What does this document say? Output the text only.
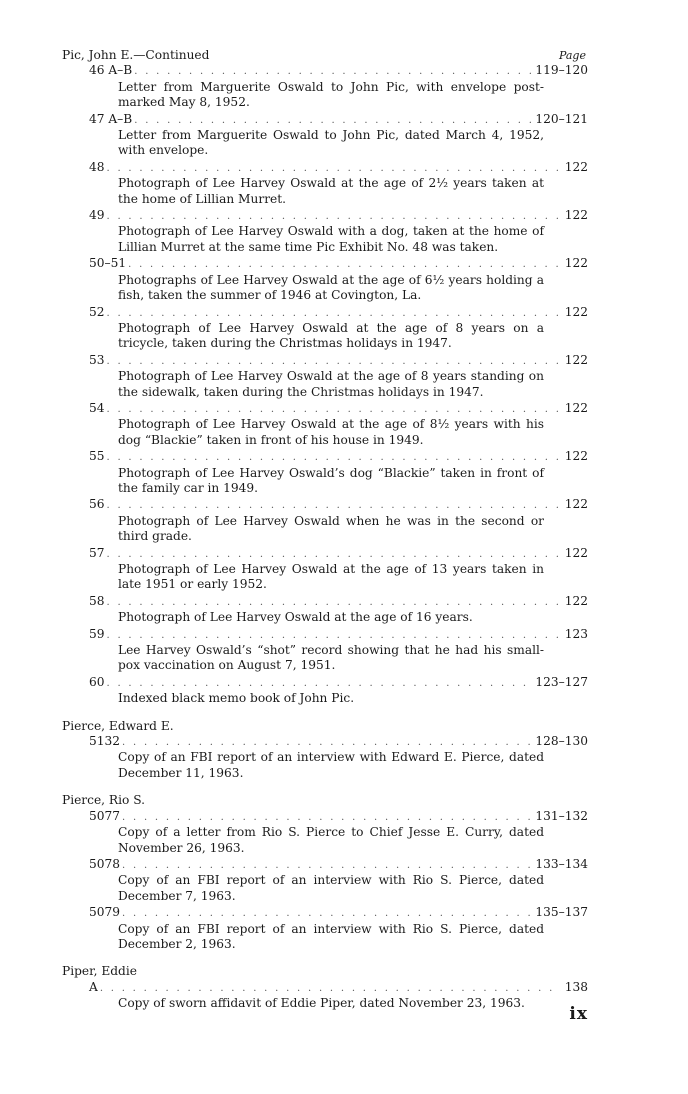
Pic, John E.—Continued	Page
46 A–B . . .	119–120
Letter from Marguerite Oswald to John Pic, with envelope post-marked May 8, 1952.
47 A–B . . .	120–121
Letter from Marguerite Oswald to John Pic, dated March 4, 1952, with envelope.
48 . . .	122
Photograph of Lee Harvey Oswald at the age of 2½ years taken at the home of Lillian Murret.
49 . . .	122
Photograph of Lee Harvey Oswald with a dog, taken at the home of Lillian Murret at the same time Pic Exhibit No. 48 was taken.
50–51 . . .	122
Photographs of Lee Harvey Oswald at the age of 6½ years holding a fish, taken the summer of 1946 at Covington, La.
52 . . .	122
Photograph of Lee Harvey Oswald at the age of 8 years on a tricycle, taken during the Christmas holidays in 1947.
53 . . .	122
Photograph of Lee Harvey Oswald at the age of 8 years standing on the sidewalk, taken during the Christmas holidays in 1947.
54 . . .	122
Photograph of Lee Harvey Oswald at the age of 8½ years with his dog “Blackie” taken in front of his house in 1949.
55 . . .	122
Photograph of Lee Harvey Oswald’s dog “Blackie” taken in front of the family car in 1949.
56 . . .	122
Photograph of Lee Harvey Oswald when he was in the second or third grade.
57 . . .	122
Photograph of Lee Harvey Oswald at the age of 13 years taken in late 1951 or early 1952.
58 . . .	122
Photograph of Lee Harvey Oswald at the age of 16 years.
59 . . .	123
Lee Harvey Oswald’s “shot” record showing that he had his small-pox vaccination on August 7, 1951.
60 . . .	123–127
Indexed black memo book of John Pic.
Pierce, Edward E.
5132 . . .	128–130
Copy of an FBI report of an interview with Edward E. Pierce, dated December 11, 1963.
Pierce, Rio S.
5077 . . .	131–132
Copy of a letter from Rio S. Pierce to Chief Jesse E. Curry, dated November 26, 1963.
5078 . . .	133–134
Copy of an FBI report of an interview with Rio S. Pierce, dated December 7, 1963.
5079 . . .	135–137
Copy of an FBI report of an interview with Rio S. Pierce, dated December 2, 1963.
Piper, Eddie
A . . .	138
Copy of sworn affidavit of Eddie Piper, dated November 23, 1963.
ix
